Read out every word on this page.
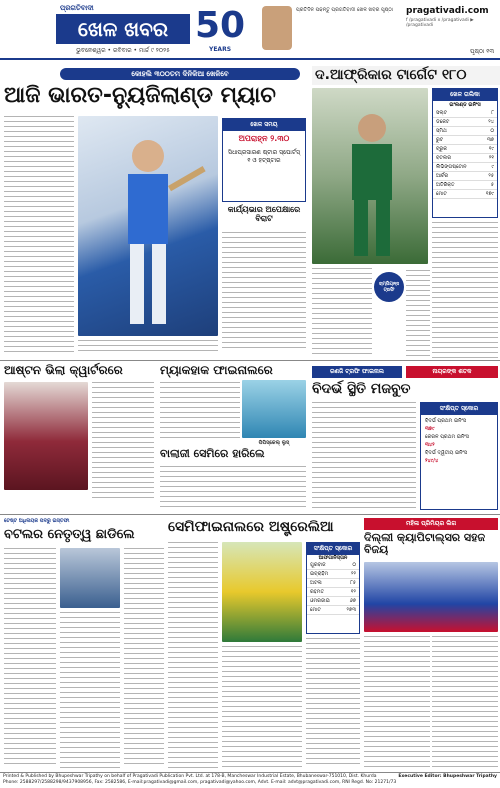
ପ୍ରଗତିବାଦୀ
ଖେଳ ଖବର
ଭୁବନେଶ୍ୱର • ରବିବାର • ମାର୍ଚ୍ଚ ୯ ୨୦୨୫
50
YEARS
ପ୍ରତିଦିନ ପଢନ୍ତୁ ପ୍ରଗତିବାଦୀ ଖେଳ ଖବର ପୃଷ୍ଠା	pragativadi.com
f /pragativadi x /pragativadi ▶ /pragativadi
ପୃଷ୍ଠା ୧୩
କୋହଲି ୩୦୦ତମ ଦିନିକିଆ ଖେଳିବେ
ଆଜି ଭାରତ-ନ୍ୟୁଜିଲାଣ୍ଡ ମ୍ୟାଚ
ଖେଳ ସମୟ
ଅପରାହ୍ନ ୨.୩୦
ସିଧାପ୍ରସାରଣ ଷ୍ଟାର ସ୍ପୋର୍ଟସ୍ ୧ ଓ ହଟ୍‌ଷ୍ଟାର
କାର୍ଯ୍ୟଭାର ଅପେକ୍ଷାରେ ବିରାଟ
ଦ.ଆଫ୍ରିକାର ଟାର୍ଗେଟ ୧୮୦
ଚାମ୍ପିୟନ୍ସ ଟ୍ରଫି
ଖେଳ ତାଲିକା
ଇଂଲଣ୍ଡ ଇନିଂସ
ସଲ୍ଟ	୮
ଡକେଟ	୨୪
ସ୍ମିଥ	୦
ରୁଟ	୩୭
ବ୍ରୁକ	୧୯
ବଟଲର	୨୧
ଲିଭିଙ୍ଗଷ୍ଟୋନ	୯
ଆର୍ଚର	୨୫
ଅତିରିକ୍ତ	୫
ମୋଟ	୧୭୯
ଆଷ୍ଟନ ଭିଲା କ୍ୱାର୍ଟରରେ	ମ୍ୟାକହାକ ଫାଇନାଲରେ
ପିପିସ୍କେଲ୍ ଲୁସ୍
ବାଲାଜୀ ସେମିରେ ହାରିଲେ
ରଣଜି ଟ୍ରଫି ଫାଇନାଲ	ନାୟରଙ୍କ ଶତକ
ବିଦର୍ଭ ସ୍ଥିତି ମଜବୁତ
ସଂକ୍ଷିପ୍ତ ସ୍କୋର
ବିଦର୍ଭ ପ୍ରଥମ ଇନିଂସ
୩୭୯
କେରଳ ପ୍ରଥମ ଇନିଂସ
୩୪୨
ବିଦର୍ଭ ଦ୍ୱିତୀୟ ଇନିଂସ
୨୪୯/୪
ଟେଷ୍ଟ ଅଧିନାୟକ ପଦରୁ ଇସ୍ତଫା
ବଟଲର ନେତୃତ୍ୱ ଛାଡିଲେ	ସେମିଫାଇନାଲରେ ଅଷ୍ଟ୍ରେଲିଆ
ସଂକ୍ଷିପ୍ତ ସ୍କୋର
ଆଫଗାନିସ୍ତାନ
ଗୁରବାଜ	୦
ଇବ୍ରାହିମ	୨୨
ଅଟଲ	୮୫
ରହମତ	୧୨
ଓମରଜାଇ	୬୭
ମୋଟ	୨୭୩
ମହିଳା ପ୍ରିମିୟର ଲିଗ
ଦିଲ୍ଲୀ କ୍ୟାପିଟାଲ୍ସର ସହଜ ବିଜୟ
Printed & Published by Bhupeshwar Tripathy on behalf of Pragativadi Publication Pvt. Ltd. at 178-B, Mancheswar Industrial Estate, Bhubaneswar-751010, Dist. Khurda
Phone: 2588297/2588298/9437908956, Fax: 2582586, E-mail:pragativadi@gmail.com, pragativadi@yahoo.com, Advt. E-mail: advt@pragativadi.com, RNI Regd. No: 21271/73
Executive Editor: Bhupeshwar Tripathy
